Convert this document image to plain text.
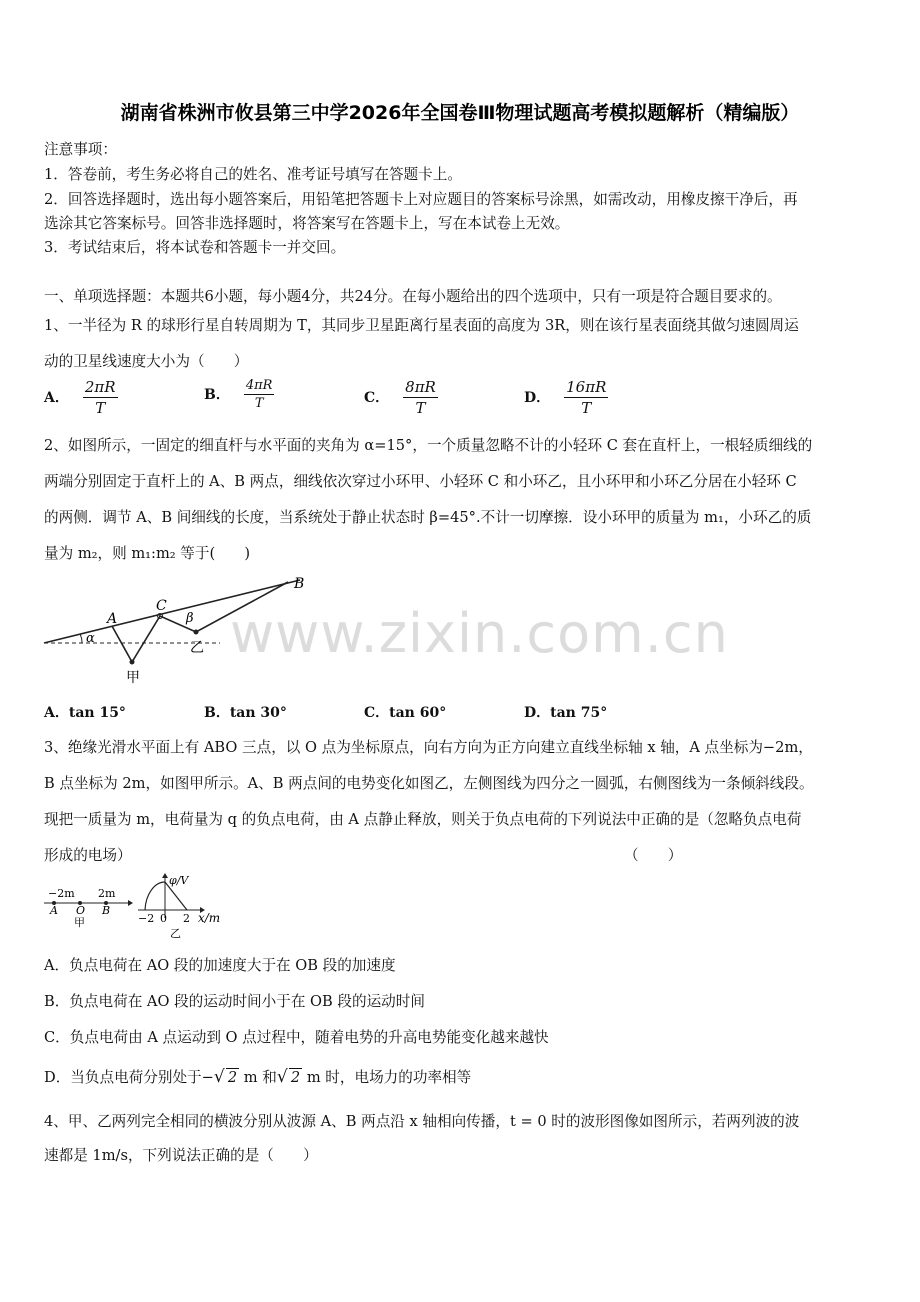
湖南省株洲市攸县第三中学2026年全国卷Ⅲ物理试题高考模拟题解析（精编版）
注意事项：
1．答卷前，考生务必将自己的姓名、准考证号填写在答题卡上。
2．回答选择题时，选出每小题答案后，用铅笔把答题卡上对应题目的答案标号涂黑，如需改动，用橡皮擦干净后，再
选涂其它答案标号。回答非选择题时，将答案写在答题卡上，写在本试卷上无效。
3．考试结束后，将本试卷和答题卡一并交回。
一、单项选择题：本题共6小题，每小题4分，共24分。在每小题给出的四个选项中，只有一项是符合题目要求的。
1、一半径为 R 的球形行星自转周期为 T，其同步卫星距离行星表面的高度为 3R，则在该行星表面绕其做匀速圆周运
动的卫星线速度大小为（　　）
A． $\frac{2\pi R}{T}$	B． $\frac{4\pi R}{T}$	C． $\frac{8\pi R}{T}$	D． $\frac{16\pi R}{T}$
2、如图所示，一固定的细直杆与水平面的夹角为 α=15°，一个质量忽略不计的小轻环 C 套在直杆上，一根轻质细线的
两端分别固定于直杆上的 A、B 两点，细线依次穿过小环甲、小轻环 C 和小环乙，且小环甲和小环乙分居在小轻环 C
的两侧．调节 A、B 间细线的长度，当系统处于静止状态时 β=45°.不计一切摩擦．设小环甲的质量为 m₁，小环乙的质
量为 m₂，则 m₁:m₂ 等于(　　)
A
B
C
α
β
甲
乙 www.zixin.com.cn
A．tan 15°	B．tan 30°	C．tan 60°	D．tan 75°
3、绝缘光滑水平面上有 ABO 三点，以 O 点为坐标原点，向右方向为正方向建立直线坐标轴 x 轴，A 点坐标为−2m，
B 点坐标为 2m，如图甲所示。A、B 两点间的电势变化如图乙，左侧图线为四分之一圆弧，右侧图线为一条倾斜线段。
现把一质量为 m，电荷量为 q 的负点电荷，由 A 点静止释放，则关于负点电荷的下列说法中正确的是（忽略负点电荷
形成的电场）	（　　）
−2m 2m
A O B
甲
φ/V
−2 0 2 x/m
乙
A．负点电荷在 AO 段的加速度大于在 OB 段的加速度
B．负点电荷在 AO 段的运动时间小于在 OB 段的运动时间
C．负点电荷由 A 点运动到 O 点过程中，随着电势的升高电势能变化越来越快
D．当负点电荷分别处于− √ 2 m 和 √ 2 m 时，电场力的功率相等
4、甲、乙两列完全相同的横波分别从波源 A、B 两点沿 x 轴相向传播，t = 0 时的波形图像如图所示，若两列波的波
速都是 1m/s，下列说法正确的是（　　）
